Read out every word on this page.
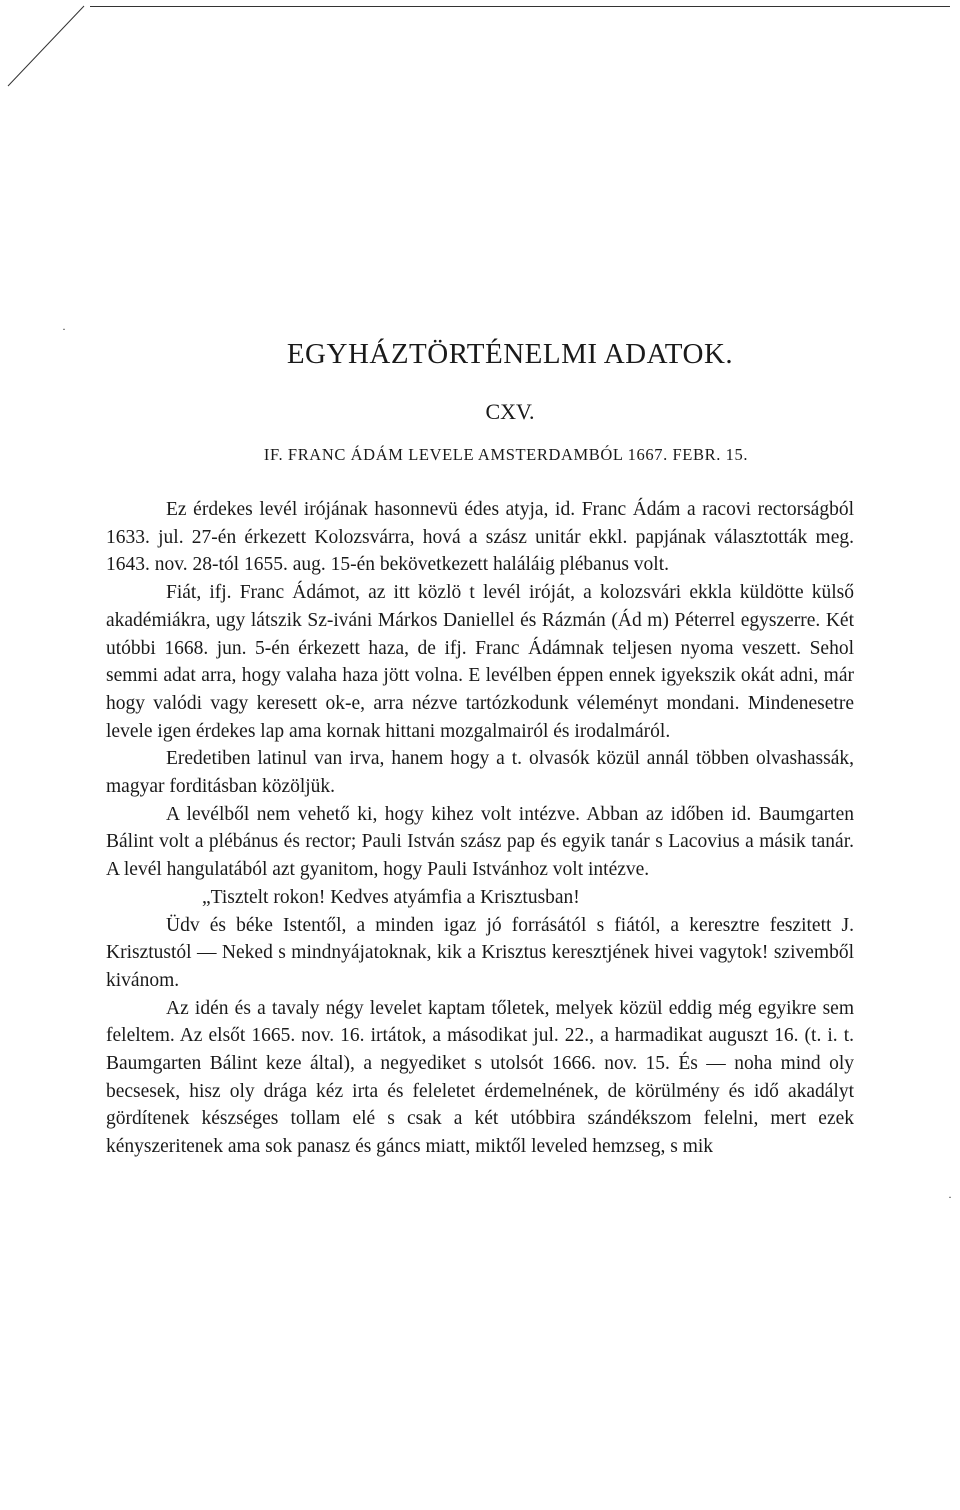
·
·
EGYHÁZTÖRTÉNELMI ADATOK.
CXV.
IF. FRANC ÁDÁM LEVELE AMSTERDAMBÓL 1667. FEBR. 15.

Ez érdekes levél irójának hasonnevü édes atyja, id. Franc Ádám a racovi rectorságból 1633. jul. 27-én érkezett Kolozsvárra, hová a szász unitár ekkl. papjának választották meg. 1643. nov. 28-tól 1655. aug. 15-én bekövetkezett haláláig plébanus volt.

Fiát, ifj. Franc Ádámot, az itt közlö t levél iróját, a kolozsvári ekkla küldötte külső akadémiákra, ugy látszik Sz-iváni Márkos Daniellel és Rázmán (Ád m) Péterrel egyszerre. Két utóbbi 1668. jun. 5-én érkezett haza, de ifj. Franc Ádámnak teljesen nyoma veszett. Sehol semmi adat arra, hogy valaha haza jött volna. E levélben éppen ennek igyekszik okát adni, már hogy valódi vagy keresett ok-e, arra nézve tartózkodunk véleményt mondani. Mindenesetre levele igen érdekes lap ama kornak hittani mozgalmairól és irodalmáról.

Eredetiben latinul van irva, hanem hogy a t. olvasók közül annál többen olvashassák, magyar forditásban közöljük.

A levélből nem vehető ki, hogy kihez volt intézve. Abban az időben id. Baumgarten Bálint volt a plébánus és rector; Pauli István szász pap és egyik tanár s Lacovius a másik tanár. A levél hangulatából azt gyanitom, hogy Pauli Istvánhoz volt intézve.

„Tisztelt rokon! Kedves atyámfia a Krisztusban!

Üdv és béke Istentől, a minden igaz jó forrásától s fiától, a keresztre feszitett J. Krisztustól — Neked s mindnyájatoknak, kik a Krisztus keresztjének hivei vagytok! szivemből kivánom.

Az idén és a tavaly négy levelet kaptam tőletek, melyek közül eddig még egyikre sem feleltem. Az elsőt 1665. nov. 16. irtátok, a másodikat jul. 22., a harmadikat auguszt 16. (t. i. t. Baumgarten Bálint keze által), a negyediket s utolsót 1666. nov. 15. És — noha mind oly becsesek, hisz oly drága kéz irta és feleletet érdemelnének, de körülmény és idő akadályt gördítenek készséges tollam elé s csak a két utóbbira szándékszom felelni, mert ezek kényszeritenek ama sok panasz és gáncs miatt, miktől leveled hemzseg, s mik
